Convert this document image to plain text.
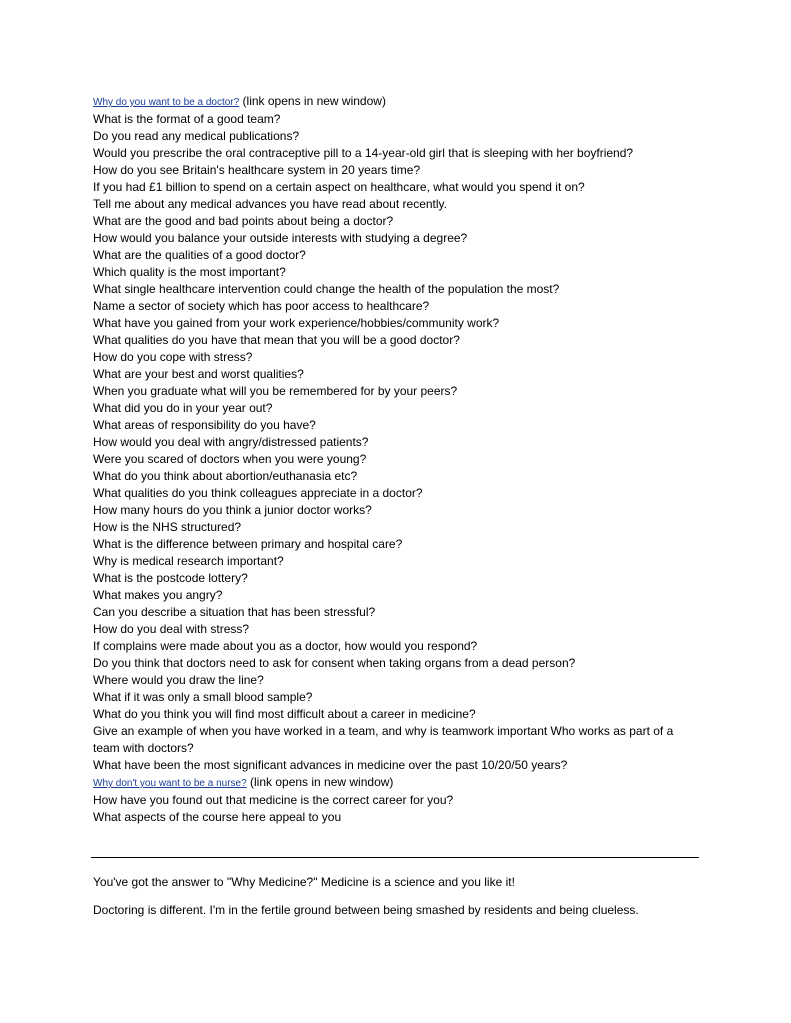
Why do you want to be a doctor? (link opens in new window)
What is the format of a good team?
Do you read any medical publications?
Would you prescribe the oral contraceptive pill to a 14-year-old girl that is sleeping with her boyfriend?
How do you see Britain's healthcare system in 20 years time?
If you had £1 billion to spend on a certain aspect on healthcare, what would you spend it on?
Tell me about any medical advances you have read about recently.
What are the good and bad points about being a doctor?
How would you balance your outside interests with studying a degree?
What are the qualities of a good doctor?
Which quality is the most important?
What single healthcare intervention could change the health of the population the most?
Name a sector of society which has poor access to healthcare?
What have you gained from your work experience/hobbies/community work?
What qualities do you have that mean that you will be a good doctor?
How do you cope with stress?
What are your best and worst qualities?
When you graduate what will you be remembered for by your peers?
What did you do in your year out?
What areas of responsibility do you have?
How would you deal with angry/distressed patients?
Were you scared of doctors when you were young?
What do you think about abortion/euthanasia etc?
What qualities do you think colleagues appreciate in a doctor?
How many hours do you think a junior doctor works?
How is the NHS structured?
What is the difference between primary and hospital care?
Why is medical research important?
What is the postcode lottery?
What makes you angry?
Can you describe a situation that has been stressful?
How do you deal with stress?
If complains were made about you as a doctor, how would you respond?
Do you think that doctors need to ask for consent when taking organs from a dead person?
Where would you draw the line?
What if it was only a small blood sample?
What do you think you will find most difficult about a career in medicine?
Give an example of when you have worked in a team, and why is teamwork important Who works as part of a team with doctors?
What have been the most significant advances in medicine over the past 10/20/50 years?
Why don't you want to be a nurse? (link opens in new window)
How have you found out that medicine is the correct career for you?
What aspects of the course here appeal to you
You've got the answer to "Why Medicine?" Medicine is a science and you like it!
Doctoring is different. I'm in the fertile ground between being smashed by residents and being clueless.
